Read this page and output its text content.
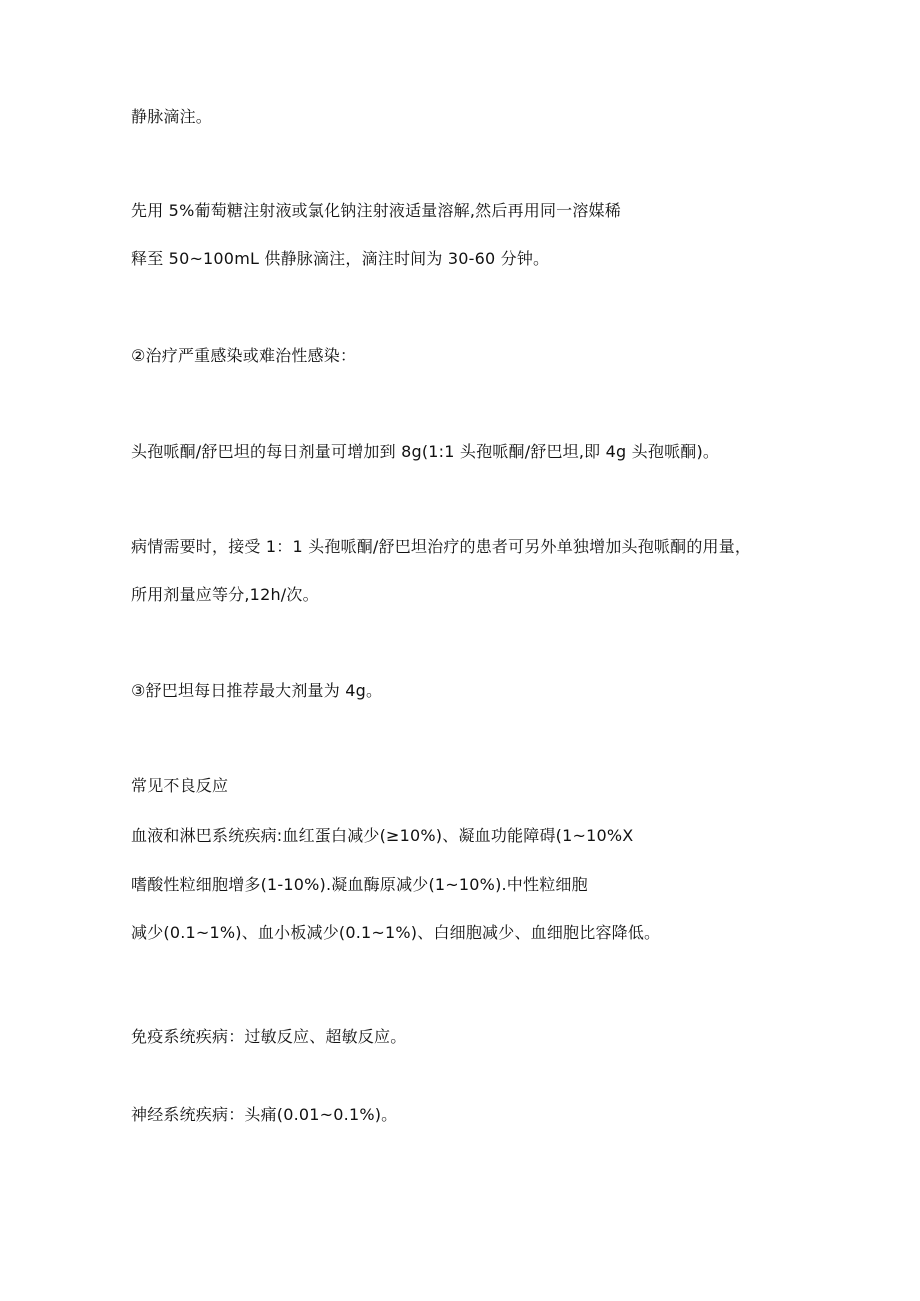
静脉滴注。
先用 5%葡萄糖注射液或氯化钠注射液适量溶解,然后再用同一溶媒稀
释至 50~100mL 供静脉滴注，滴注时间为 30-60 分钟。
②治疗严重感染或难治性感染：
头孢哌酮/舒巴坦的每日剂量可增加到 8g(1:1 头孢哌酮/舒巴坦,即 4g 头孢哌酮)。
病情需要时，接受 1：1 头孢哌酮/舒巴坦治疗的患者可另外单独增加头孢哌酮的用量，
所用剂量应等分,12h/次。
③舒巴坦每日推荐最大剂量为 4g。
常见不良反应
血液和淋巴系统疾病:血红蛋白减少(≥10%)、凝血功能障碍(1~10%X
嗜酸性粒细胞增多(1-10%).凝血酶原减少(1~10%).中性粒细胞
减少(0.1~1%)、血小板减少(0.1~1%)、白细胞减少、血细胞比容降低。
免疫系统疾病：过敏反应、超敏反应。
神经系统疾病：头痛(0.01~0.1%)。
